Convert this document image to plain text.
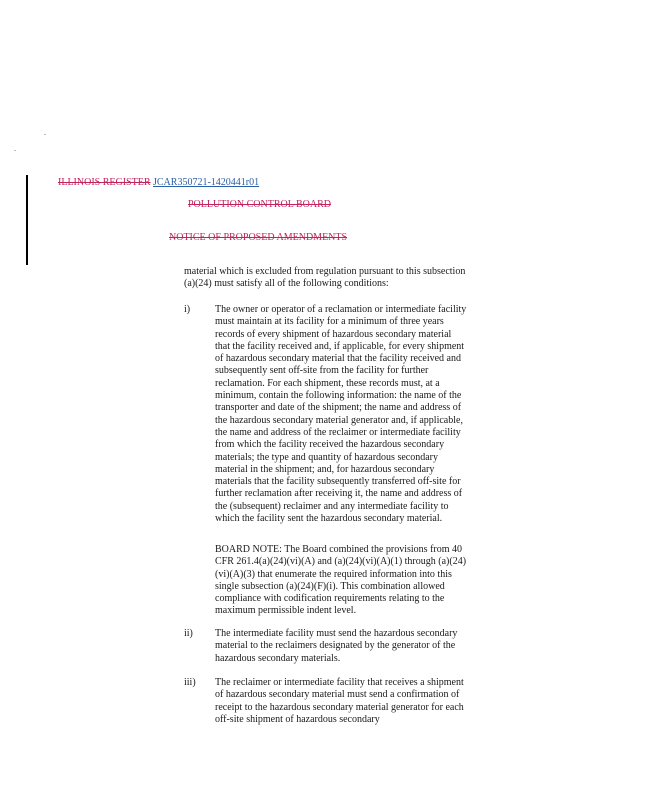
ILLINOIS REGISTER JCAR350721-1420441r01
POLLUTION CONTROL BOARD
NOTICE OF PROPOSED AMENDMENTS

material which is excluded from regulation pursuant to this subsection (a)(24) must satisfy all of the following conditions:

i) The owner or operator of a reclamation or intermediate facility must maintain at its facility for a minimum of three years records of every shipment of hazardous secondary material that the facility received and, if applicable, for every shipment of hazardous secondary material that the facility received and subsequently sent off-site from the facility for further reclamation. For each shipment, these records must, at a minimum, contain the following information: the name of the transporter and date of the shipment; the name and address of the hazardous secondary material generator and, if applicable, the name and address of the reclaimer or intermediate facility from which the facility received the hazardous secondary materials; the type and quantity of hazardous secondary material in the shipment; and, for hazardous secondary materials that the facility subsequently transferred off-site for further reclamation after receiving it, the name and address of the (subsequent) reclaimer and any intermediate facility to which the facility sent the hazardous secondary material.

BOARD NOTE: The Board combined the provisions from 40 CFR 261.4(a)(24)(vi)(A) and (a)(24)(vi)(A)(1) through (a)(24)(vi)(A)(3) that enumerate the required information into this single subsection (a)(24)(F)(i). This combination allowed compliance with codification requirements relating to the maximum permissible indent level.

ii) The intermediate facility must send the hazardous secondary material to the reclaimers designated by the generator of the hazardous secondary materials.

iii) The reclaimer or intermediate facility that receives a shipment of hazardous secondary material must send a confirmation of receipt to the hazardous secondary material generator for each off-site shipment of hazardous secondary
